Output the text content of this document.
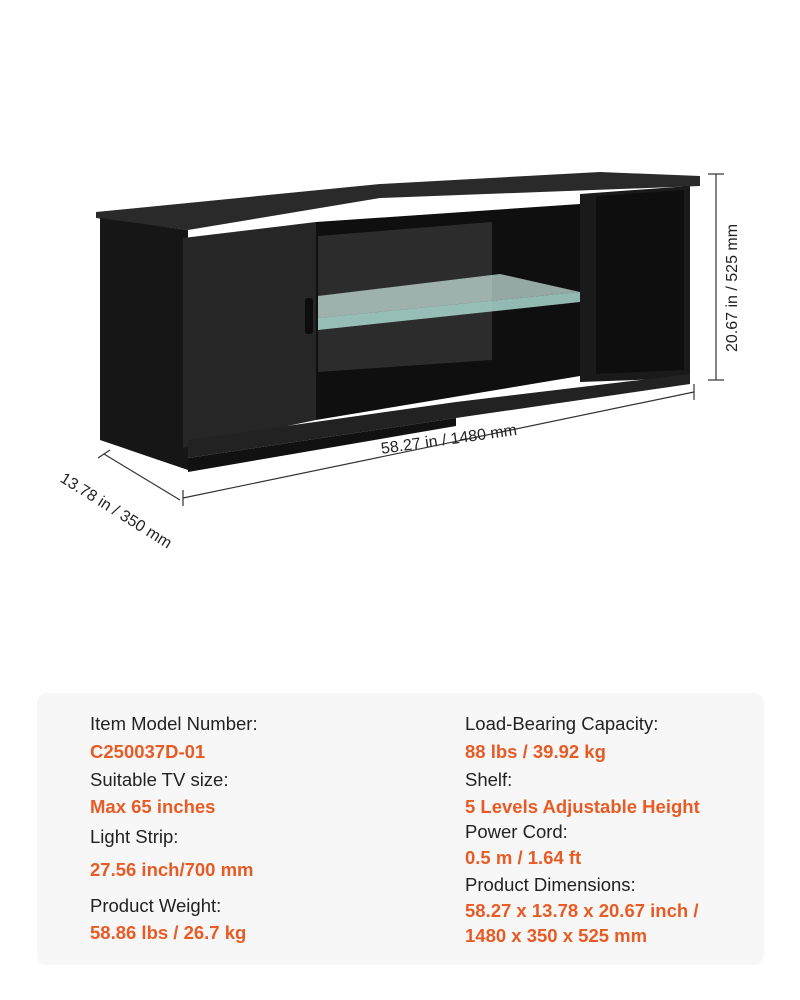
58.27 in / 1480 mm
13.78 in / 350 mm
20.67 in / 525 mm
Item Model Number:
C250037D-01
Suitable TV size:
Max 65 inches
Light Strip:
27.56 inch/700 mm
Product Weight:
58.86 lbs / 26.7 kg
Load-Bearing Capacity:
88 lbs / 39.92 kg
Shelf:
5 Levels Adjustable Height
Power Cord:
0.5 m / 1.64 ft
Product Dimensions:
58.27 x 13.78 x 20.67 inch /
1480 x 350 x 525 mm
